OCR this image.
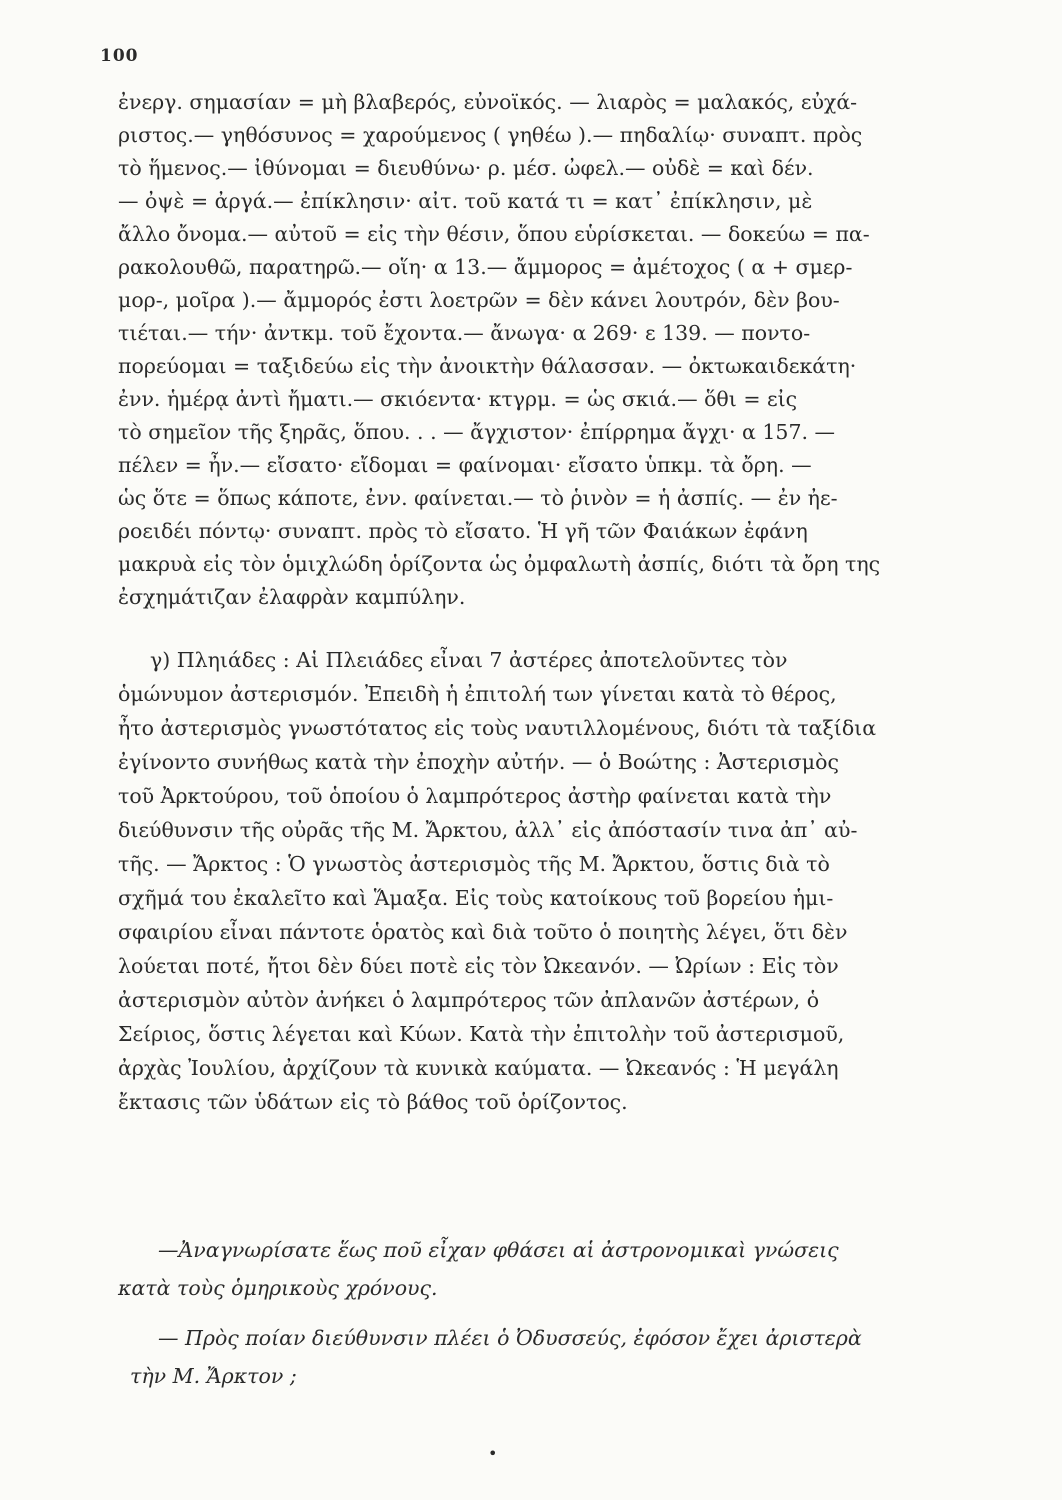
100
ἐνεργ. σημασίαν = μὴ βλαβερός, εὐνοϊκός. — λιαρὸς = μαλακός, εὐχά-
ριστος.— γηθόσυνος = χαρούμενος ( γηθέω ).— πηδαλίῳ· συναπτ. πρὸς
τὸ ἥμενος.— ἰθύνομαι = διευθύνω· ρ. μέσ. ὠφελ.— οὐδὲ = καὶ δέν.
— ὀψὲ = ἀργά.— ἐπίκλησιν· αἰτ. τοῦ κατά τι = κατ᾿ ἐπίκλησιν, μὲ
ἄλλο ὄνομα.— αὐτοῦ = εἰς τὴν θέσιν, ὅπου εὑρίσκεται. — δοκεύω = πα-
ρακολουθῶ, παρατηρῶ.— οἵη· α 13.— ἄμμορος = ἀμέτοχος ( α + σμερ-
μορ-, μοῖρα ).— ἄμμορός ἐστι λοετρῶν = δὲν κάνει λουτρόν, δὲν βου-
τιέται.— τήν· ἀντκμ. τοῦ ἔχοντα.— ἄνωγα· α 269· ε 139. — ποντο-
πορεύομαι = ταξιδεύω εἰς τὴν ἀνοικτὴν θάλασσαν. — ὀκτωκαιδεκάτη·
ἐνν. ἡμέρᾳ ἀντὶ ἤματι.— σκιόεντα· κτγρμ. = ὡς σκιά.— ὅθι = εἰς
τὸ σημεῖον τῆς ξηρᾶς, ὅπου. . . — ἄγχιστον· ἐπίρρημα ἄγχι· α 157. —
πέλεν = ἦν.— εἴσατο· εἴδομαι = φαίνομαι· εἴσατο ὑπκμ. τὰ ὄρη. —
ὡς ὅτε = ὅπως κάποτε, ἐνν. φαίνεται.— τὸ ῥινὸν = ἡ ἀσπίς. — ἐν ἠε-
ροειδέι πόντῳ· συναπτ. πρὸς τὸ εἴσατο. Ἡ γῆ τῶν Φαιάκων ἐφάνη
μακρυὰ εἰς τὸν ὁμιχλώδη ὁρίζοντα ὡς ὀμφαλωτὴ ἀσπίς, διότι τὰ ὄρη της
ἐσχημάτιζαν ἐλαφρὰν καμπύλην.
γ) Πληιάδες : Αἱ Πλειάδες εἶναι 7 ἀστέρες ἀποτελοῦντες τὸν
ὁμώνυμον ἀστερισμόν. Ἐπειδὴ ἡ ἐπιτολή των γίνεται κατὰ τὸ θέρος,
ἦτο ἀστερισμὸς γνωστότατος εἰς τοὺς ναυτιλλομένους, διότι τὰ ταξίδια
ἐγίνοντο συνήθως κατὰ τὴν ἐποχὴν αὐτήν. — ὁ Βοώτης : Ἀστερισμὸς
τοῦ Ἀρκτούρου, τοῦ ὁποίου ὁ λαμπρότερος ἀστὴρ φαίνεται κατὰ τὴν
διεύθυνσιν τῆς οὐρᾶς τῆς Μ. Ἄρκτου, ἀλλ᾿ εἰς ἀπόστασίν τινα ἀπ᾿ αὐ-
τῆς. — Ἄρκτος : Ὁ γνωστὸς ἀστερισμὸς τῆς Μ. Ἄρκτου, ὅστις διὰ τὸ
σχῆμά του ἐκαλεῖτο καὶ Ἅμαξα. Εἰς τοὺς κατοίκους τοῦ βορείου ἡμι-
σφαιρίου εἶναι πάντοτε ὁρατὸς καὶ διὰ τοῦτο ὁ ποιητὴς λέγει, ὅτι δὲν
λούεται ποτέ, ἤτοι δὲν δύει ποτὲ εἰς τὸν Ὠκεανόν. — Ὠρίων : Εἰς τὸν
ἀστερισμὸν αὐτὸν ἀνήκει ὁ λαμπρότερος τῶν ἀπλανῶν ἀστέρων, ὁ
Σείριος, ὅστις λέγεται καὶ Κύων. Κατὰ τὴν ἐπιτολὴν τοῦ ἀστερισμοῦ,
ἀρχὰς Ἰουλίου, ἀρχίζουν τὰ κυνικὰ καύματα. — Ὠκεανός : Ἡ μεγάλη
ἔκτασις τῶν ὑδάτων εἰς τὸ βάθος τοῦ ὁρίζοντος.
—Ἀναγνωρίσατε ἕως ποῦ εἶχαν φθάσει αἱ ἀστρονομικαὶ γνώσεις
κατὰ τοὺς ὁμηρικοὺς χρόνους.
— Πρὸς ποίαν διεύθυνσιν πλέει ὁ Ὀδυσσεύς, ἐφόσον ἔχει ἀριστερὰ
τὴν Μ. Ἄρκτον ;
•
